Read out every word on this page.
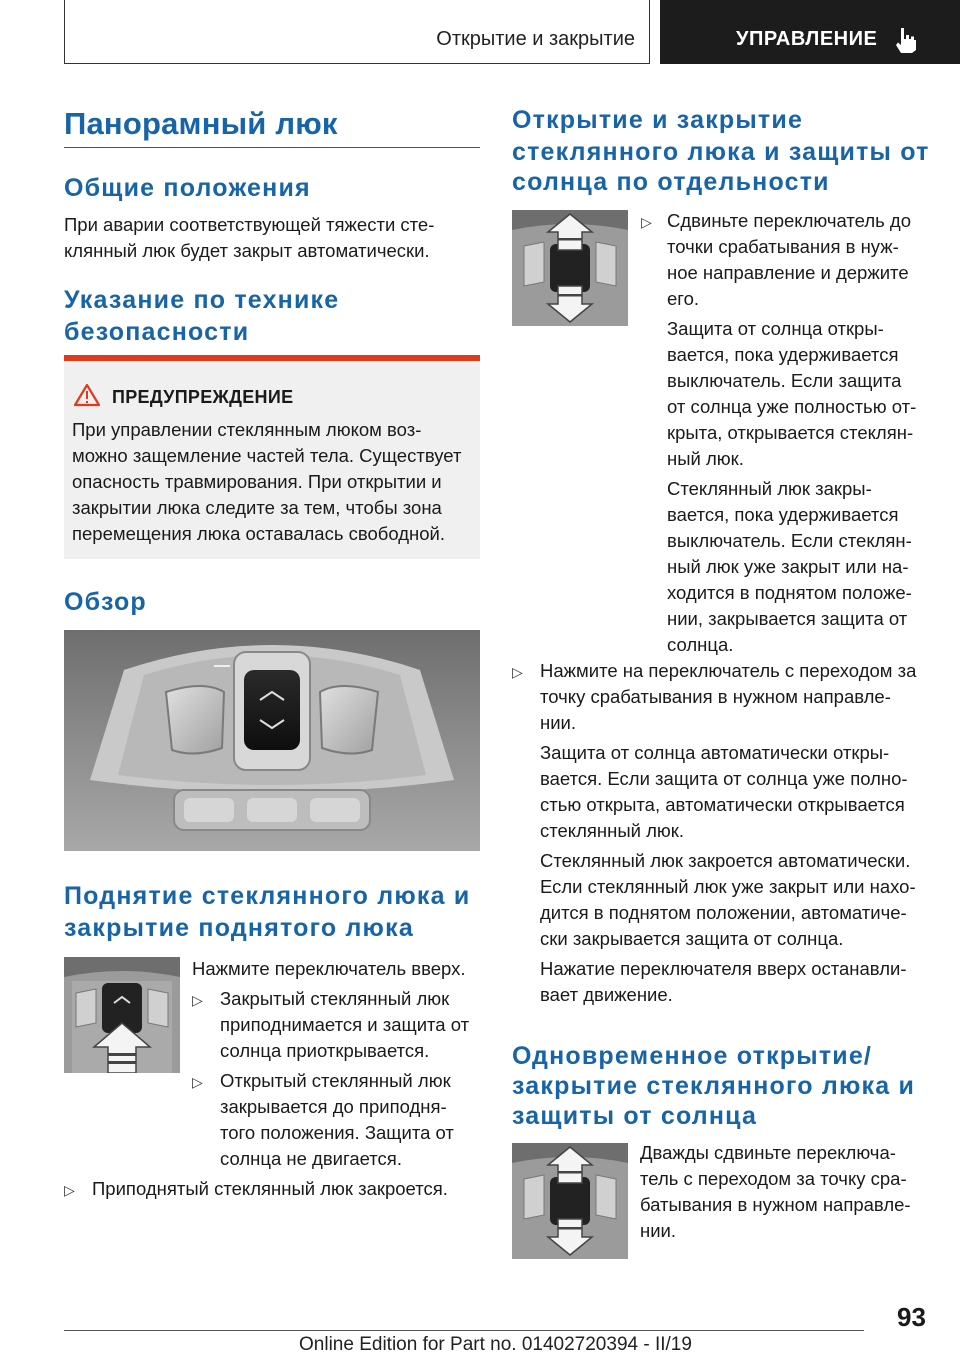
Открытие и закрытие	УПРАВЛЕНИЕ
Панорамный люк
Общие положения
При аварии соответствующей тяжести сте-
клянный люк будет закрыт автоматически.
Указание по технике
безопасности
ПРЕДУПРЕЖДЕНИЕ
При управлении стеклянным люком воз-
можно защемление частей тела. Существует
опасность травмирования. При открытии и
закрытии люка следите за тем, чтобы зона
перемещения люка оставалась свободной.
Обзор
Поднятие стеклянного люка и
закрытие поднятого люка
Нажмите переключатель вверх.
▷ Закрытый стеклянный люк
приподнимается и защита от
солнца приоткрывается.
▷ Открытый стеклянный люк
закрывается до приподня-
того положения. Защита от
солнца не двигается.
▷ Приподнятый стеклянный люк закроется.
Открытие и закрытие
стеклянного люка и защиты от
солнца по отдельности
▷ Сдвиньте переключатель до
точки срабатывания в нуж-
ное направление и держите
его.
Защита от солнца откры-
вается, пока удерживается
выключатель. Если защита
от солнца уже полностью от-
крыта, открывается стеклян-
ный люк.
Стеклянный люк закры-
вается, пока удерживается
выключатель. Если стеклян-
ный люк уже закрыт или на-
ходится в поднятом положе-
нии, закрывается защита от
солнца.
▷ Нажмите на переключатель с переходом за
точку срабатывания в нужном направле-
нии.
Защита от солнца автоматически откры-
вается. Если защита от солнца уже полно-
стью открыта, автоматически открывается
стеклянный люк.
Стеклянный люк закроется автоматически.
Если стеклянный люк уже закрыт или нахо-
дится в поднятом положении, автоматиче-
ски закрывается защита от солнца.
Нажатие переключателя вверх останавли-
вает движение.
Одновременное открытие/
закрытие стеклянного люка и
защиты от солнца
Дважды сдвиньте переключа-
тель с переходом за точку сра-
батывания в нужном направле-
нии.
93
Online Edition for Part no. 01402720394 - II/19
